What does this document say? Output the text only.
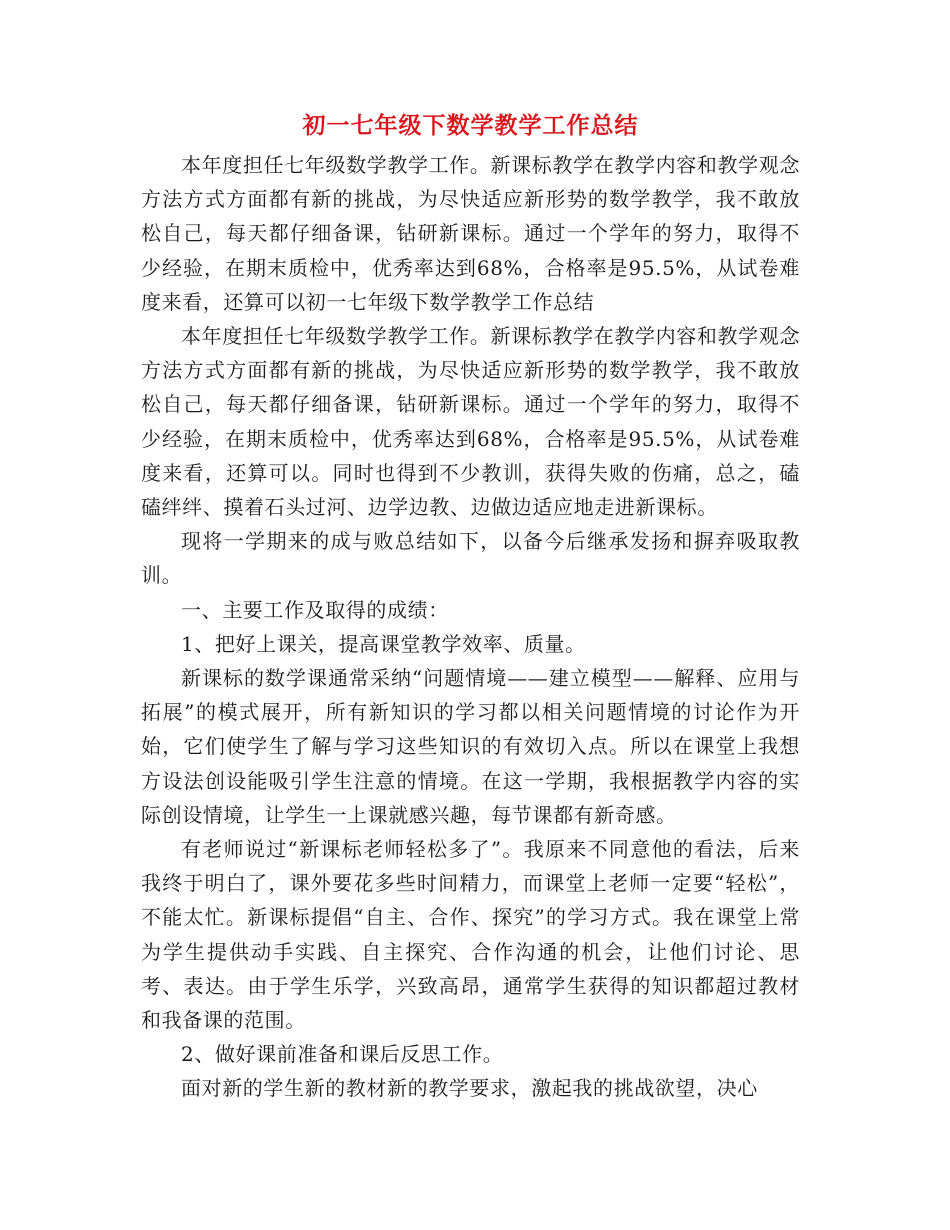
初一七年级下数学教学工作总结

本年度担任七年级数学教学工作。新课标教学在教学内容和教学观念方法方式方面都有新的挑战，为尽快适应新形势的数学教学，我不敢放松自己，每天都仔细备课，钻研新课标。通过一个学年的努力，取得不少经验，在期末质检中，优秀率达到68%，合格率是95.5%，从试卷难度来看，还算可以初一七年级下数学教学工作总结

本年度担任七年级数学教学工作。新课标教学在教学内容和教学观念方法方式方面都有新的挑战，为尽快适应新形势的数学教学，我不敢放松自己，每天都仔细备课，钻研新课标。通过一个学年的努力，取得不少经验，在期末质检中，优秀率达到68%，合格率是95.5%，从试卷难度来看，还算可以。同时也得到不少教训，获得失败的伤痛，总之，磕磕绊绊、摸着石头过河、边学边教、边做边适应地走进新课标。

现将一学期来的成与败总结如下，以备今后继承发扬和摒弃吸取教训。

一、主要工作及取得的成绩：

1、把好上课关，提高课堂教学效率、质量。

新课标的数学课通常采纳“问题情境——建立模型——解释、应用与拓展”的模式展开，所有新知识的学习都以相关问题情境的讨论作为开始，它们使学生了解与学习这些知识的有效切入点。所以在课堂上我想方设法创设能吸引学生注意的情境。在这一学期，我根据教学内容的实际创设情境，让学生一上课就感兴趣，每节课都有新奇感。

有老师说过“新课标老师轻松多了”。我原来不同意他的看法，后来我终于明白了，课外要花多些时间精力，而课堂上老师一定要“轻松”，不能太忙。新课标提倡“自主、合作、探究”的学习方式。我在课堂上常为学生提供动手实践、自主探究、合作沟通的机会，让他们讨论、思考、表达。由于学生乐学，兴致高昂，通常学生获得的知识都超过教材和我备课的范围。

2、做好课前准备和课后反思工作。

面对新的学生新的教材新的教学要求，激起我的挑战欲望，决心
